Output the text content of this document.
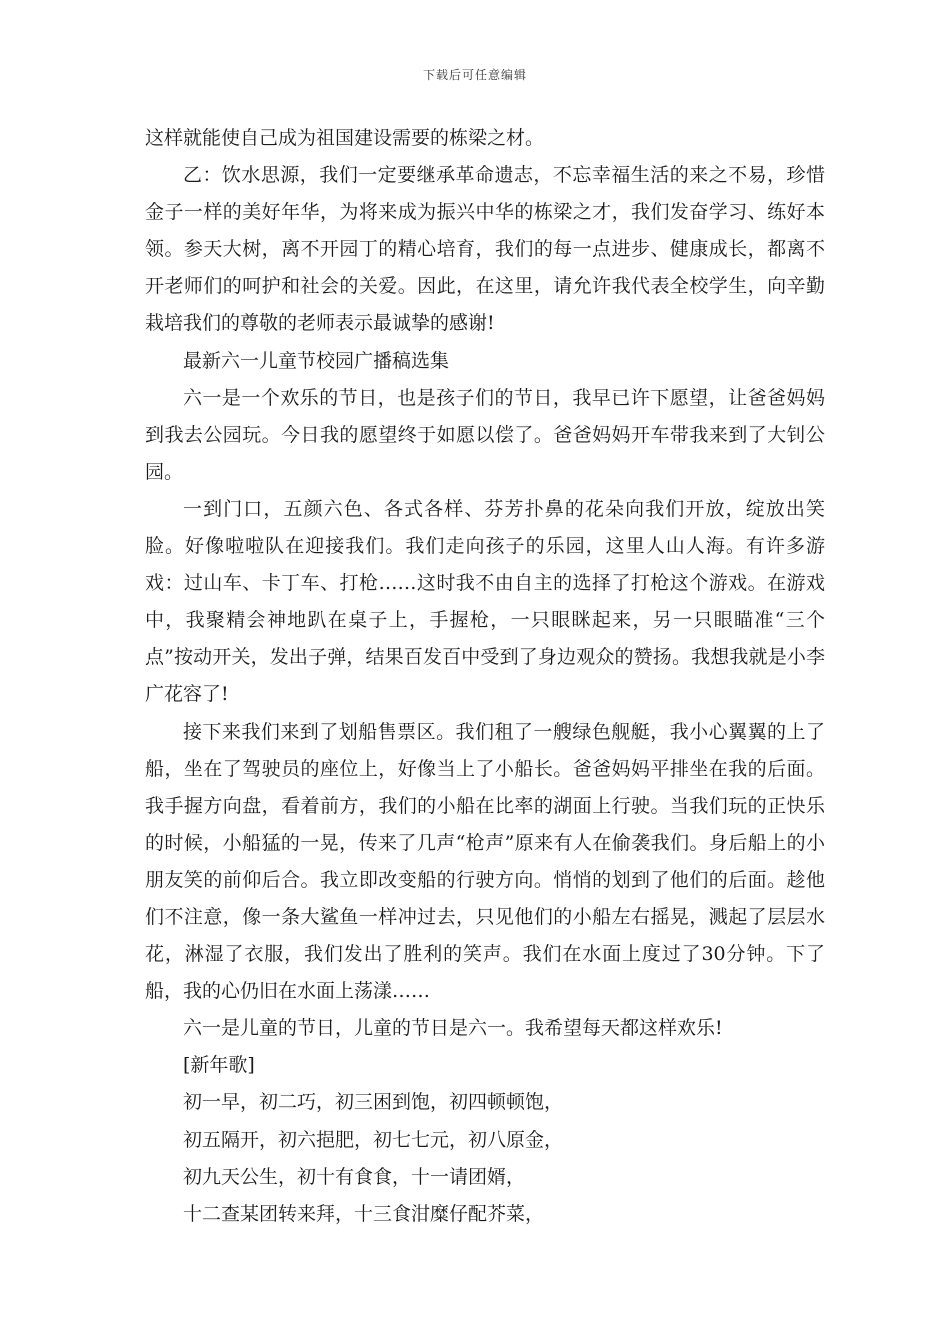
下载后可任意编辑

这样就能使自己成为祖国建设需要的栋梁之材。

乙：饮水思源，我们一定要继承革命遗志，不忘幸福生活的来之不易，珍惜金子一样的美好年华，为将来成为振兴中华的栋梁之才，我们发奋学习、练好本领。参天大树，离不开园丁的精心培育，我们的每一点进步、健康成长，都离不开老师们的呵护和社会的关爱。因此，在这里，请允许我代表全校学生，向辛勤栽培我们的尊敬的老师表示最诚挚的感谢!

最新六一儿童节校园广播稿选集

六一是一个欢乐的节日，也是孩子们的节日，我早已许下愿望，让爸爸妈妈到我去公园玩。今日我的愿望终于如愿以偿了。爸爸妈妈开车带我来到了大钊公园。

一到门口，五颜六色、各式各样、芬芳扑鼻的花朵向我们开放，绽放出笑脸。好像啦啦队在迎接我们。我们走向孩子的乐园，这里人山人海。有许多游戏：过山车、卡丁车、打枪……这时我不由自主的选择了打枪这个游戏。在游戏中，我聚精会神地趴在桌子上，手握枪，一只眼眯起来，另一只眼瞄准“三个点”按动开关，发出子弹，结果百发百中受到了身边观众的赞扬。我想我就是小李广花容了!

接下来我们来到了划船售票区。我们租了一艘绿色舰艇，我小心翼翼的上了船，坐在了驾驶员的座位上，好像当上了小船长。爸爸妈妈平排坐在我的后面。我手握方向盘，看着前方，我们的小船在比率的湖面上行驶。当我们玩的正快乐的时候，小船猛的一晃，传来了几声“枪声”原来有人在偷袭我们。身后船上的小朋友笑的前仰后合。我立即改变船的行驶方向。悄悄的划到了他们的后面。趁他们不注意，像一条大鲨鱼一样冲过去，只见他们的小船左右摇晃，溅起了层层水花，淋湿了衣服，我们发出了胜利的笑声。我们在水面上度过了30分钟。下了船，我的心仍旧在水面上荡漾……

六一是儿童的节日，儿童的节日是六一。我希望每天都这样欢乐!

[新年歌]

初一早，初二巧，初三困到饱，初四顿顿饱，

初五隔开，初六挹肥，初七七元，初八原金，

初九天公生，初十有食食，十一请团婿，

十二查某团转来拜，十三食泔糜仔配芥菜，
